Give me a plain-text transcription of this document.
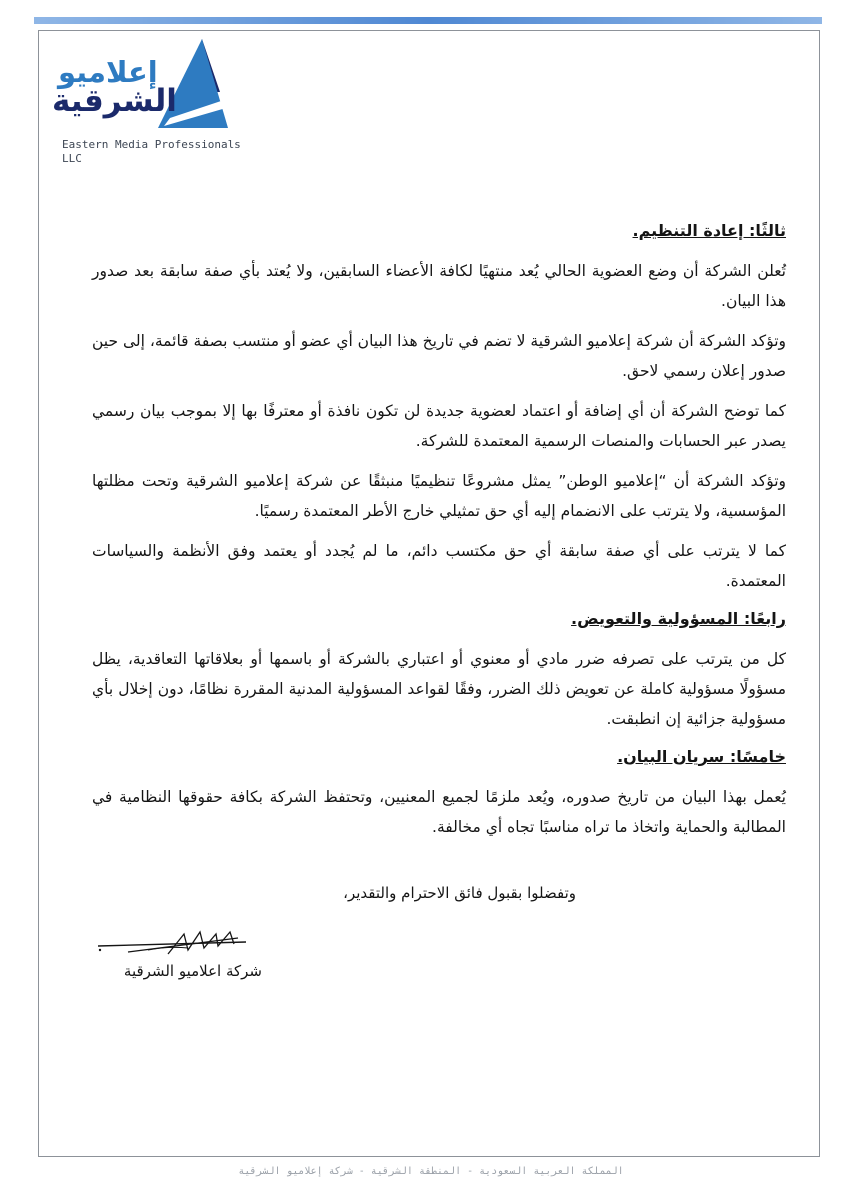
إعلاميو
الشرقية
Eastern Media Professionals LLC
ثالثًا: إعادة التنظيم.

تُعلن الشركة أن وضع العضوية الحالي يُعد منتهيًا لكافة الأعضاء السابقين، ولا يُعتد بأي صفة سابقة بعد صدور هذا البيان.

وتؤكد الشركة أن شركة إعلاميو الشرقية لا تضم في تاريخ هذا البيان أي عضو أو منتسب بصفة قائمة، إلى حين صدور إعلان رسمي لاحق.

كما توضح الشركة أن أي إضافة أو اعتماد لعضوية جديدة لن تكون نافذة أو معترفًا بها إلا بموجب بيان رسمي يصدر عبر الحسابات والمنصات الرسمية المعتمدة للشركة.

وتؤكد الشركة أن “إعلاميو الوطن” يمثل مشروعًا تنظيميًا منبثقًا عن شركة إعلاميو الشرقية وتحت مظلتها المؤسسية، ولا يترتب على الانضمام إليه أي حق تمثيلي خارج الأطر المعتمدة رسميًا.

كما لا يترتب على أي صفة سابقة أي حق مكتسب دائم، ما لم يُجدد أو يعتمد وفق الأنظمة والسياسات المعتمدة.

رابعًا: المسؤولية والتعويض.

كل من يترتب على تصرفه ضرر مادي أو معنوي أو اعتباري بالشركة أو باسمها أو بعلاقاتها التعاقدية، يظل مسؤولًا مسؤولية كاملة عن تعويض ذلك الضرر، وفقًا لقواعد المسؤولية المدنية المقررة نظامًا، دون إخلال بأي مسؤولية جزائية إن انطبقت.

خامسًا: سريان البيان.

يُعمل بهذا البيان من تاريخ صدوره، ويُعد ملزمًا لجميع المعنيين، وتحتفظ الشركة بكافة حقوقها النظامية في المطالبة والحماية واتخاذ ما تراه مناسبًا تجاه أي مخالفة.

وتفضلوا بقبول فائق الاحترام والتقدير،
شركة اعلاميو الشرقية
المملكة العربية السعودية - المنطقة الشرقية - شركة إعلاميو الشرقية
